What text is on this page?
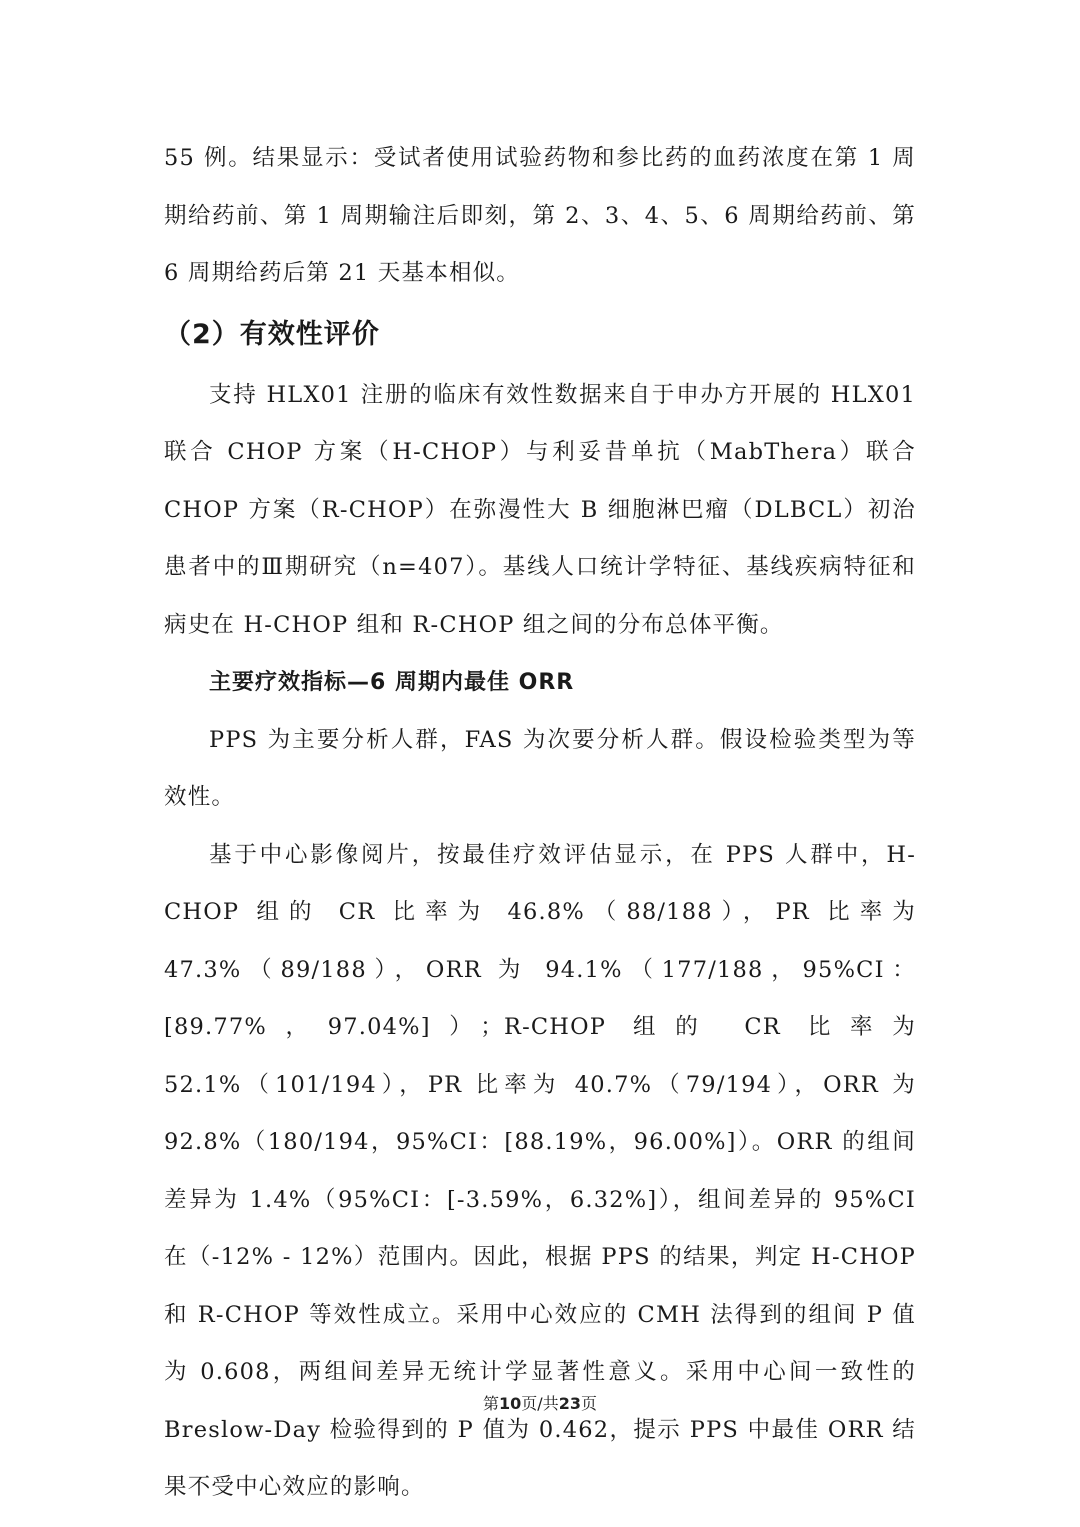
55 例。结果显示：受试者使用试验药物和参比药的血药浓度在第 1 周期给药前、第 1 周期输注后即刻，第 2、3、4、5、6 周期给药前、第 6 周期给药后第 21 天基本相似。

（2）有效性评价

支持 HLX01 注册的临床有效性数据来自于申办方开展的 HLX01 联合 CHOP 方案（H-CHOP）与利妥昔单抗（MabThera）联合 CHOP 方案（R-CHOP）在弥漫性大 B 细胞淋巴瘤（DLBCL）初治患者中的Ⅲ期研究（n=407）。基线人口统计学特征、基线疾病特征和病史在 H-CHOP 组和 R-CHOP 组之间的分布总体平衡。

主要疗效指标—6 周期内最佳 ORR

PPS 为主要分析人群，FAS 为次要分析人群。假设检验类型为等效性。

基于中心影像阅片，按最佳疗效评估显示，在 PPS 人群中，H-CHOP 组的 CR 比率为 46.8%（88/188），PR 比率为 47.3%（89/188），ORR 为 94.1%（177/188，95%CI：[89.77%，97.04%]）；R-CHOP 组的 CR 比率为 52.1%（101/194），PR 比率为 40.7%（79/194），ORR 为 92.8%（180/194，95%CI：[88.19%，96.00%]）。ORR 的组间差异为 1.4%（95%CI：[-3.59%，6.32%]），组间差异的 95%CI 在（-12% - 12%）范围内。因此，根据 PPS 的结果，判定 H-CHOP 和 R-CHOP 等效性成立。采用中心效应的 CMH 法得到的组间 P 值为 0.608，两组间差异无统计学显著性意义。采用中心间一致性的 Breslow-Day 检验得到的 P 值为 0.462，提示 PPS 中最佳 ORR 结果不受中心效应的影响。

第10页/共23页
